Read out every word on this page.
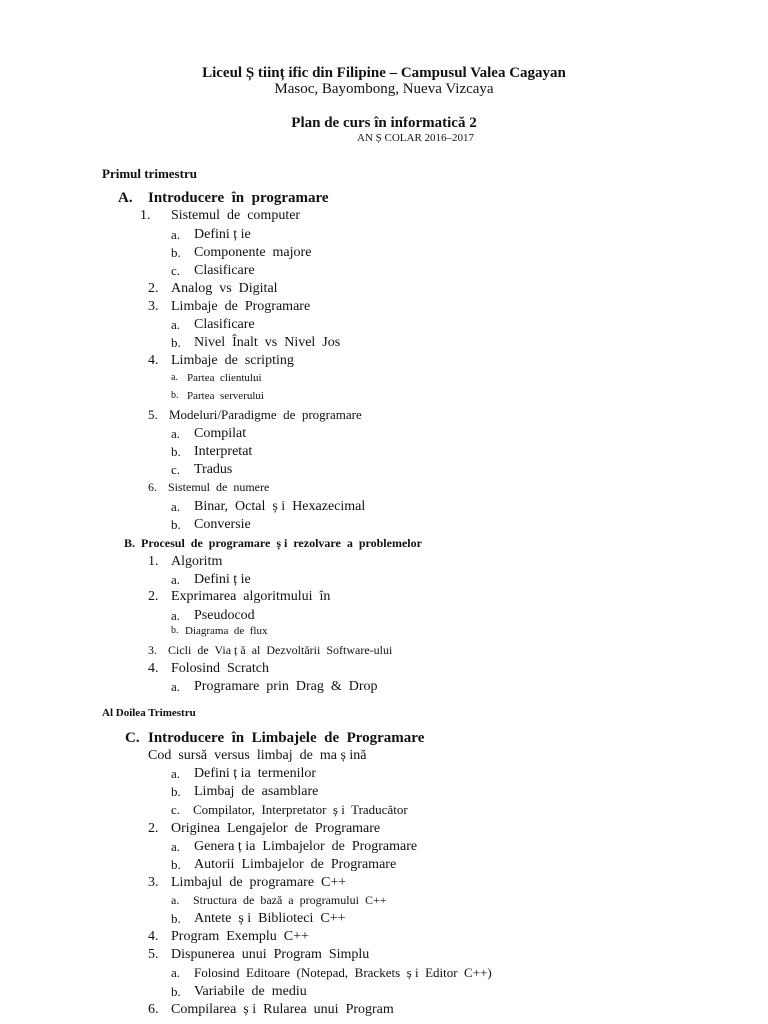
Liceul Ș tiinț ific din Filipine – Campusul Valea Cagayan
Masoc, Bayombong, Nueva Vizcaya
Plan de curs în informatică 2
AN Ș COLAR 2016–2017
Primul trimestru
A.	Introducere  în  programare
1.	Sistemul  de  computer
a. Defini ț ie
b. Componente  majore
c. Clasificare
2. Analog  vs  Digital
3. Limbaje  de  Programare
a. Clasificare
b. Nivel  Înalt  vs  Nivel  Jos
4. Limbaje  de  scripting
a. Partea  clientului
b. Partea  serverului
5. Modeluri/Paradigme  de  programare
a. Compilat
b. Interpretat
c. Tradus
6. Sistemul  de  numere
a. Binar,  Octal  ș i  Hexazecimal
b. Conversie
B.  Procesul  de  programare  ș i  rezolvare  a  problemelor
1. Algoritm
a. Defini ț ie
2. Exprimarea  algoritmului  în
a. Pseudocod
b. Diagrama  de  flux
3. Cicli  de  Via ț ă  al  Dezvoltării  Software-ului
4. Folosind  Scratch
a. Programare  prin  Drag  &  Drop
Al Doilea Trimestru
C. Introducere  în  Limbajele  de  Programare
Cod  sursă  versus  limbaj  de  ma ș ină
a. Defini ț ia  termenilor
b. Limbaj  de  asamblare
c. Compilator,  Interpretator  ș i  Traducător
2. Originea  Lengajelor  de  Programare
a. Genera ț ia  Limbajelor  de  Programare
b. Autorii  Limbajelor  de  Programare
3. Limbajul  de  programare  C++
a. Structura  de  bază  a  programului  C++
b. Antete  ș i  Biblioteci  C++
4. Program  Exemplu  C++
5. Dispunerea  unui  Program  Simplu
a. Folosind  Editoare  (Notepad,  Brackets  ș i  Editor  C++)
b. Variabile  de  mediu
6. Compilarea  ș i  Rularea  unui  Program
